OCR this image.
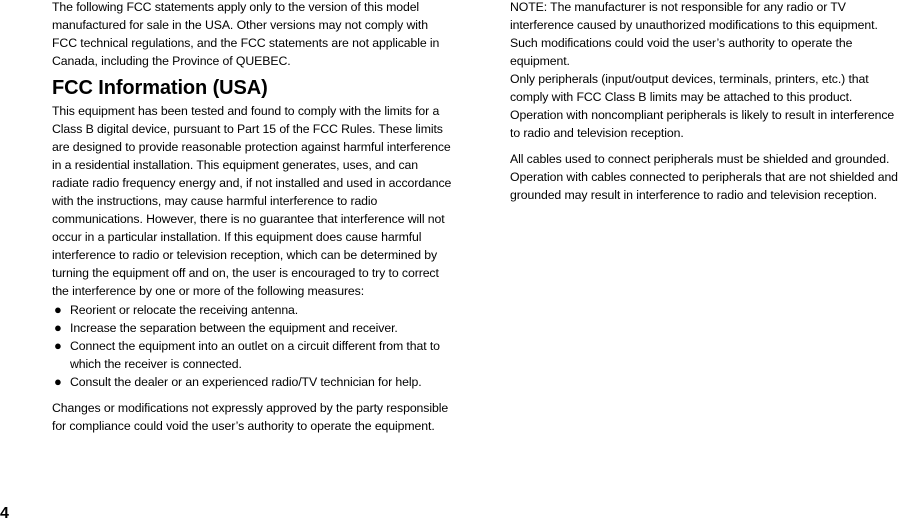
The following FCC statements apply only to the version of this model manufactured for sale in the USA. Other versions may not comply with FCC technical regulations, and the FCC statements are not applicable in Canada, including the Province of QUEBEC.

FCC Information (USA)

This equipment has been tested and found to comply with the limits for a Class B digital device, pursuant to Part 15 of the FCC Rules. These limits are designed to provide reasonable protection against harmful interference in a residential installation. This equipment generates, uses, and can radiate radio frequency energy and, if not installed and used in accordance with the instructions, may cause harmful interference to radio communications. However, there is no guarantee that interference will not occur in a particular installation. If this equipment does cause harmful interference to radio or television reception, which can be determined by turning the equipment off and on, the user is encouraged to try to correct the interference by one or more of the following measures:

● Reorient or relocate the receiving antenna.
● Increase the separation between the equipment and receiver.
● Connect the equipment into an outlet on a circuit different from that to which the receiver is connected.
● Consult the dealer or an experienced radio/TV technician for help.

Changes or modifications not expressly approved by the party responsible for compliance could void the user’s authority to operate the equipment.

NOTE: The manufacturer is not responsible for any radio or TV interference caused by unauthorized modifications to this equipment. Such modifications could void the user’s authority to operate the equipment.

Only peripherals (input/output devices, terminals, printers, etc.) that comply with FCC Class B limits may be attached to this product. Operation with noncompliant peripherals is likely to result in interference to radio and television reception.

All cables used to connect peripherals must be shielded and grounded. Operation with cables connected to peripherals that are not shielded and grounded may result in interference to radio and television reception.

4
